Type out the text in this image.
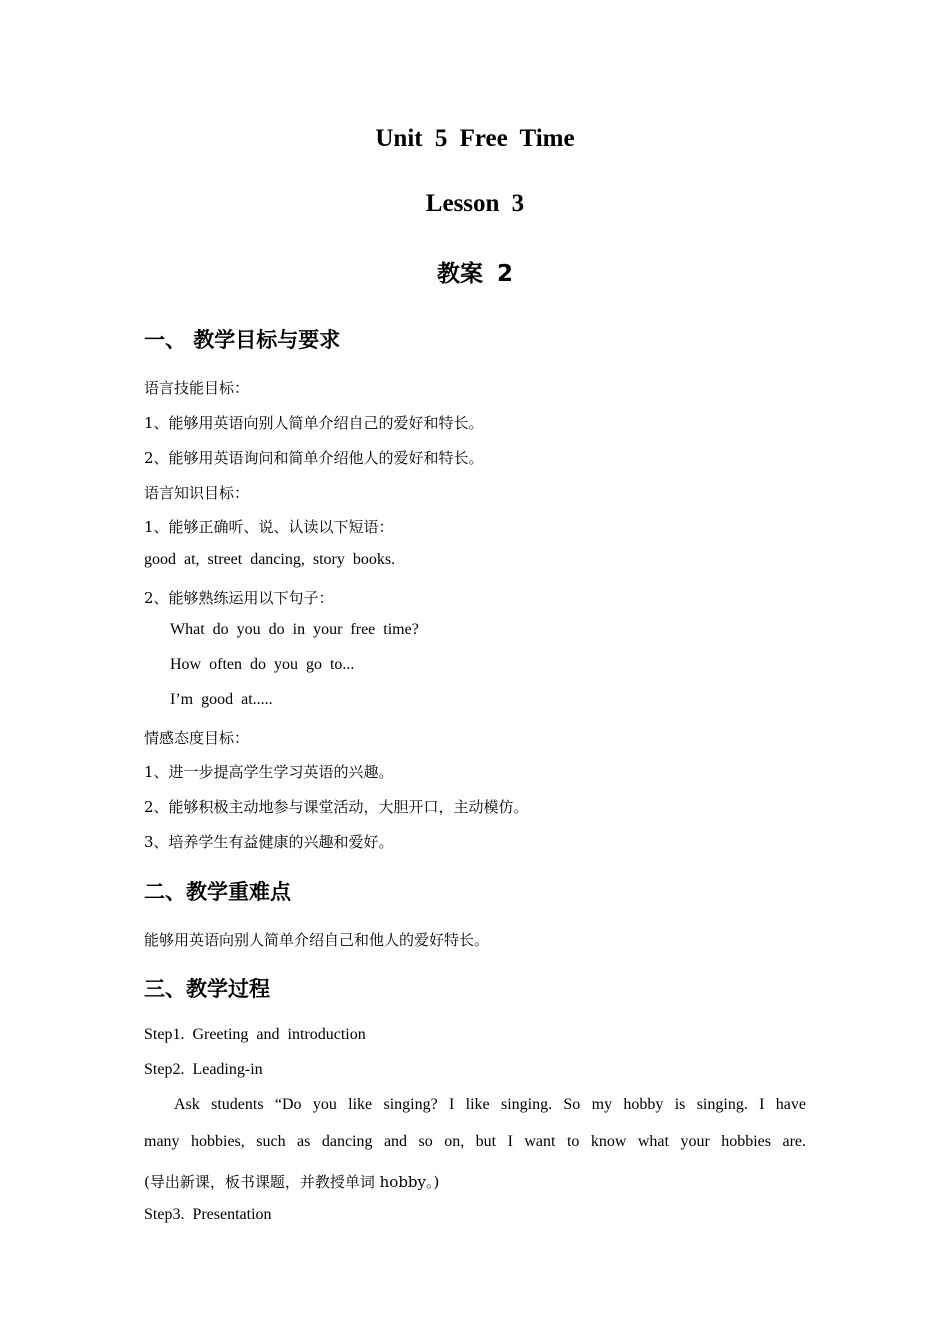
Unit 5 Free Time
Lesson 3
教案 2
一、 教学目标与要求
语言技能目标：
1、能够用英语向别人简单介绍自己的爱好和特长。
2、能够用英语询问和简单介绍他人的爱好和特长。
语言知识目标：
1、能够正确听、说、认读以下短语：
good at, street dancing, story books.
2、能够熟练运用以下句子：
What do you do in your free time?
How often do you go to...
I’m good at.....
情感态度目标：
1、进一步提高学生学习英语的兴趣。
2、能够积极主动地参与课堂活动，大胆开口，主动模仿。
3、培养学生有益健康的兴趣和爱好。
二、教学重难点
能够用英语向别人简单介绍自己和他人的爱好特长。
三、教学过程
Step1. Greeting and introduction
Step2. Leading-in
Ask students “Do you like singing? I like singing. So my hobby is singing. I have
many hobbies, such as dancing and so on, but I want to know what your hobbies are.
(导出新课，板书课题，并教授单词 hobby。)
Step3. Presentation
